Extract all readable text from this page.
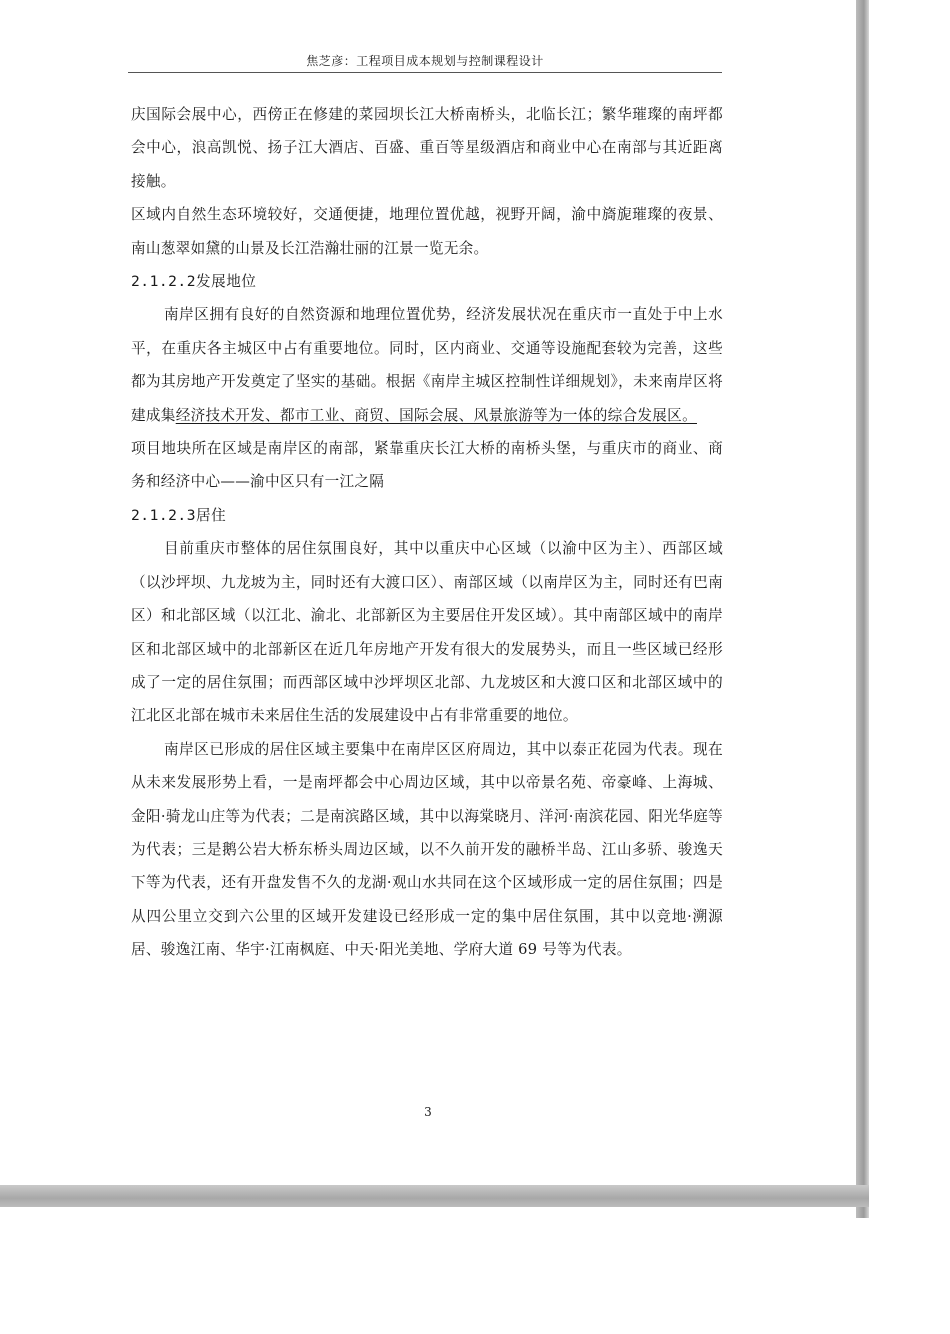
焦芝彦：工程项目成本规划与控制课程设计

庆国际会展中心，西傍正在修建的菜园坝长江大桥南桥头，北临长江；繁华璀璨的南坪都会中心，浪高凯悦、扬子江大酒店、百盛、重百等星级酒店和商业中心在南部与其近距离接触。

区域内自然生态环境较好，交通便捷，地理位置优越，视野开阔，渝中旖旎璀璨的夜景、南山葱翠如黛的山景及长江浩瀚壮丽的江景一览无余。

2.1.2.2发展地位

南岸区拥有良好的自然资源和地理位置优势，经济发展状况在重庆市一直处于中上水平，在重庆各主城区中占有重要地位。同时，区内商业、交通等设施配套较为完善，这些都为其房地产开发奠定了坚实的基础。根据《南岸主城区控制性详细规划》，未来南岸区将建成集经济技术开发、都市工业、商贸、国际会展、风景旅游等为一体的综合发展区。

项目地块所在区域是南岸区的南部，紧靠重庆长江大桥的南桥头堡，与重庆市的商业、商务和经济中心——渝中区只有一江之隔

2.1.2.3居住

目前重庆市整体的居住氛围良好，其中以重庆中心区域（以渝中区为主）、西部区域（以沙坪坝、九龙坡为主，同时还有大渡口区）、南部区域（以南岸区为主，同时还有巴南区）和北部区域（以江北、渝北、北部新区为主要居住开发区域）。其中南部区域中的南岸区和北部区域中的北部新区在近几年房地产开发有很大的发展势头，而且一些区域已经形成了一定的居住氛围；而西部区域中沙坪坝区北部、九龙坡区和大渡口区和北部区域中的江北区北部在城市未来居住生活的发展建设中占有非常重要的地位。

南岸区已形成的居住区域主要集中在南岸区区府周边，其中以泰正花园为代表。现在从未来发展形势上看，一是南坪都会中心周边区域，其中以帝景名苑、帝豪峰、上海城、金阳·骑龙山庄等为代表；二是南滨路区域，其中以海棠晓月、洋河·南滨花园、阳光华庭等为代表；三是鹅公岩大桥东桥头周边区域，以不久前开发的融桥半岛、江山多骄、骏逸天下等为代表，还有开盘发售不久的龙湖·观山水共同在这个区域形成一定的居住氛围；四是从四公里立交到六公里的区域开发建设已经形成一定的集中居住氛围，其中以竞地·溯源居、骏逸江南、华宇·江南枫庭、中天·阳光美地、学府大道 69 号等为代表。

3
